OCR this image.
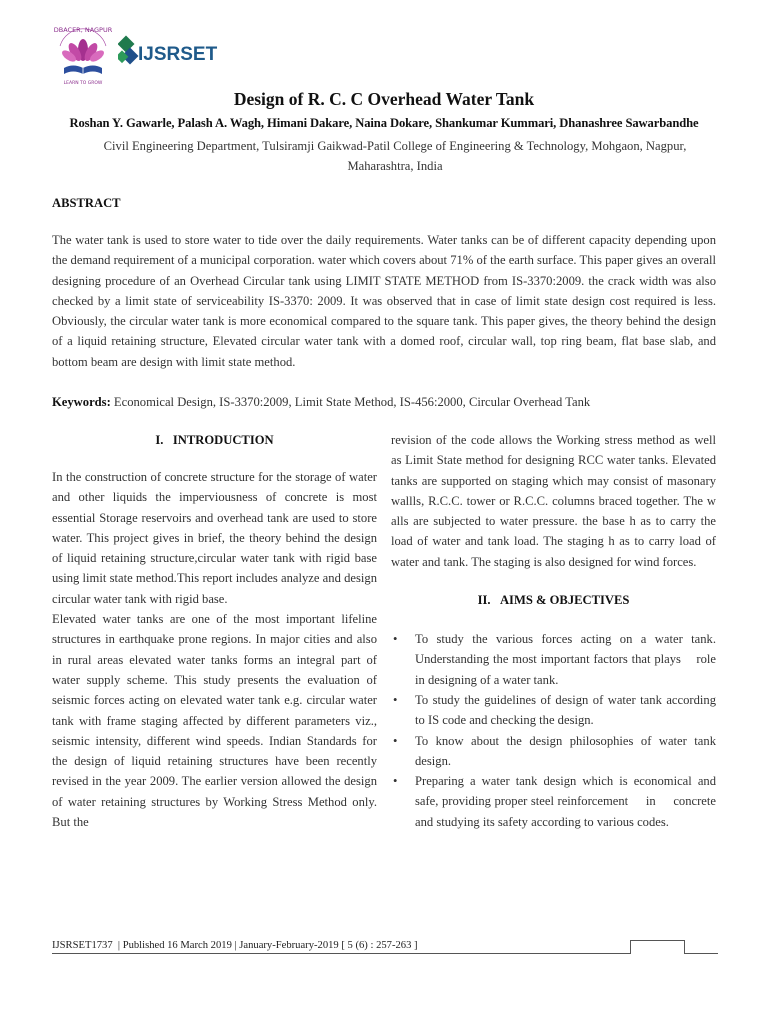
DBACER, NAGPUR
LEARN TO GROW
IJSRSET
Design of R. C. C Overhead Water Tank
Roshan Y. Gawarle, Palash A. Wagh, Himani Dakare, Naina Dokare, Shankumar Kummari, Dhanashree Sawarbandhe
Civil Engineering Department, Tulsiramji Gaikwad-Patil College of Engineering & Technology, Mohgaon, Nagpur, Maharashtra, India
ABSTRACT

The water tank is used to store water to tide over the daily requirements. Water tanks can be of different capacity depending upon the demand requirement of a municipal corporation. water which covers about 71% of the earth surface. This paper gives an overall designing procedure of an Overhead Circular tank using LIMIT STATE METHOD from IS-3370:2009. the crack width was also checked by a limit state of serviceability IS-3370: 2009. It was observed that in case of limit state design cost required is less. Obviously, the circular water tank is more economical compared to the square tank. This paper gives, the theory behind the design of a liquid retaining structure, Elevated circular water tank with a domed roof, circular wall, top ring beam, flat base slab, and bottom beam are design with limit state method.

Keywords: Economical Design, IS-3370:2009, Limit State Method, IS-456:2000, Circular Overhead Tank

I.   INTRODUCTION

In the construction of concrete structure for the storage of water and other liquids the imperviousness of concrete is most essential Storage reservoirs and overhead tank are used to store water. This project gives in brief, the theory behind the design of liquid retaining structure,circular water tank with rigid base using limit state method.This report includes analyze and design circular water tank with rigid base.

Elevated water tanks are one of the most important lifeline structures in earthquake prone regions. In major cities and also in rural areas elevated water tanks forms an integral part of water supply scheme. This study presents the evaluation of seismic forces acting on elevated water tank e.g. circular water tank with frame staging affected by different parameters viz., seismic intensity, different wind speeds. Indian Standards for the design of liquid retaining structures have been recently revised in the year 2009. The earlier version allowed the design of water retaining structures by Working Stress Method only. But the

revision of the code allows the Working stress method as well as Limit State method for designing RCC water tanks. Elevated tanks are supported on staging which may consist of masonary wallls, R.C.C. tower or R.C.C. columns braced together. The w alls are subjected to water pressure. the base h as to carry the load of water and tank load. The staging h as to carry load of water and tank. The staging is also designed for wind forces.

II.   AIMS & OBJECTIVES
• To study the various forces acting on a water tank. Understanding the most important factors that plays    role in designing of a water tank.
• To study the guidelines of design of water tank according to IS code and checking the design.
• To know about the design philosophies of water tank design.
• Preparing a water tank design which is economical and safe, providing proper steel reinforcement     in     concrete and studying its safety according to various codes.
IJSRSET1737  | Published 16 March 2019 | January-February-2019 [ 5 (6) : 257-263 ]
